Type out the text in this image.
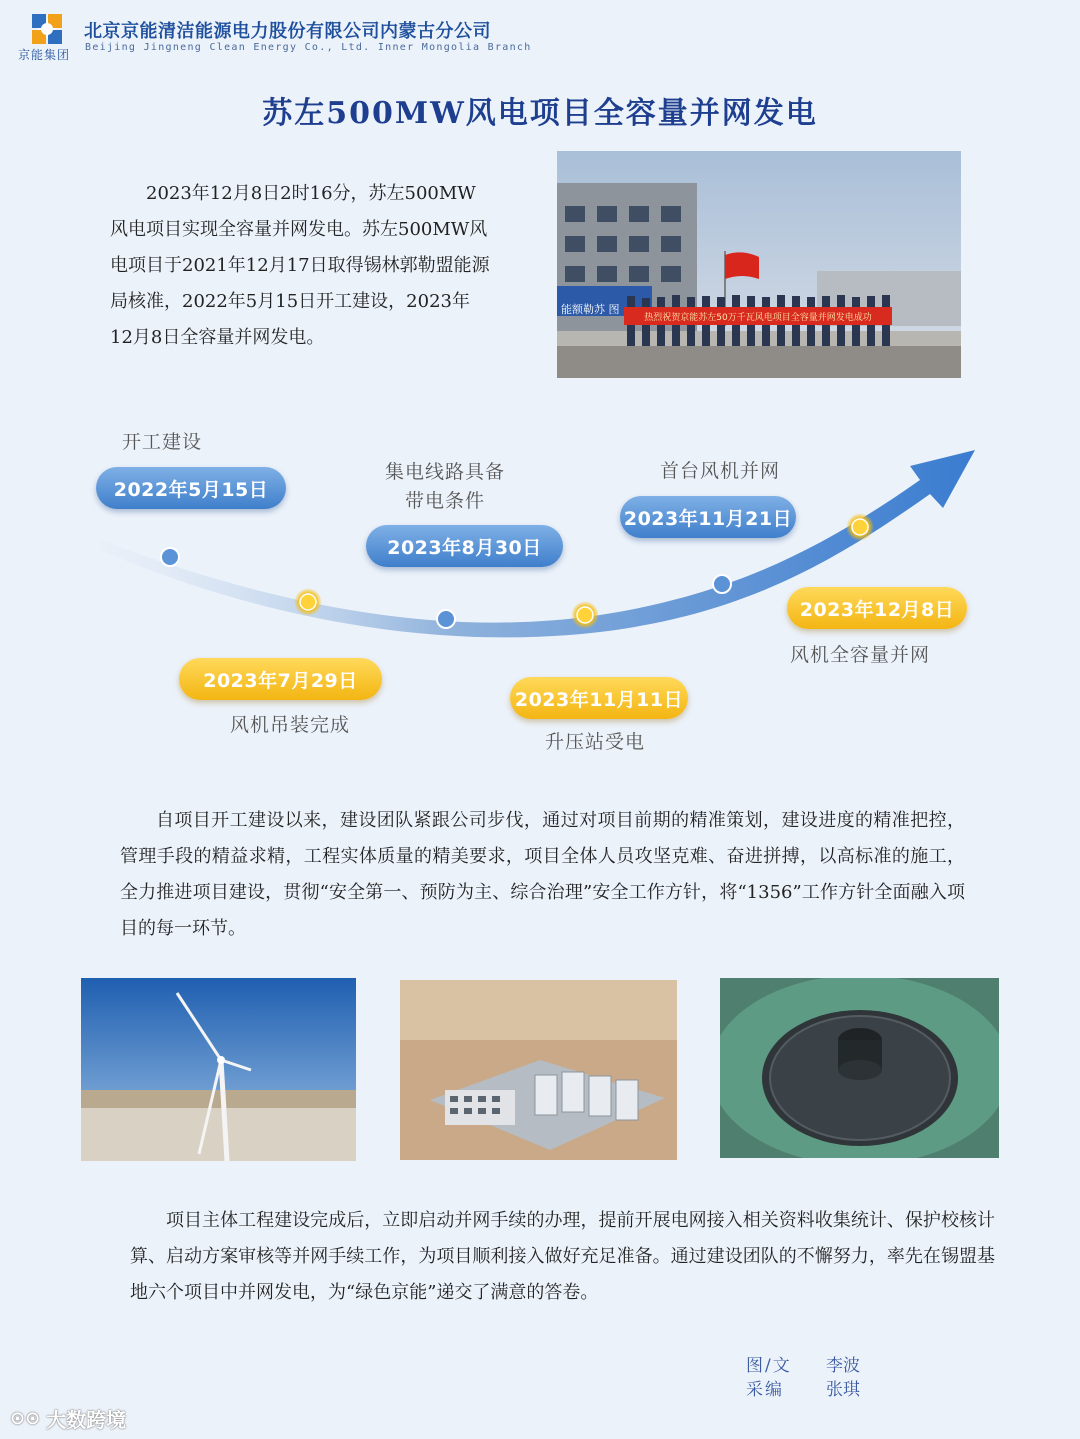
京能集团
北京京能清洁能源电力股份有限公司内蒙古分公司
Beijing Jingneng Clean Energy Co., Ltd. Inner Mongolia Branch
苏左500MW风电项目全容量并网发电
2023年12月8日2时16分，苏左500MW风电项目实现全容量并网发电。苏左500MW风电项目于2021年12月17日取得锡林郭勒盟能源局核准，2022年5月15日开工建设，2023年12月8日全容量并网发电。
能额勒苏 图
热烈祝贺京能苏左50万千瓦风电项目全容量并网发电成功
开工建设
2022年5月15日
2023年7月29日
风机吊装完成
集电线路具备
带电条件
2023年8月30日
2023年11月11日
升压站受电
首台风机并网
2023年11月21日
2023年12月8日
风机全容量并网
自项目开工建设以来，建设团队紧跟公司步伐，通过对项目前期的精准策划，建设进度的精准把控，管理手段的精益求精，工程实体质量的精美要求，项目全体人员攻坚克难、奋进拼搏，以高标准的施工，全力推进项目建设，贯彻“安全第一、预防为主、综合治理”安全工作方针，将“1356”工作方针全面融入项目的每一环节。
项目主体工程建设完成后，立即启动并网手续的办理，提前开展电网接入相关资料收集统计、保护校核计算、启动方案审核等并网手续工作，为项目顺利接入做好充足准备。通过建设团队的不懈努力，率先在锡盟基地六个项目中并网发电，为“绿色京能”递交了满意的答卷。
图/文	李波
采编	张琪
⊙⊙ 大数跨境
